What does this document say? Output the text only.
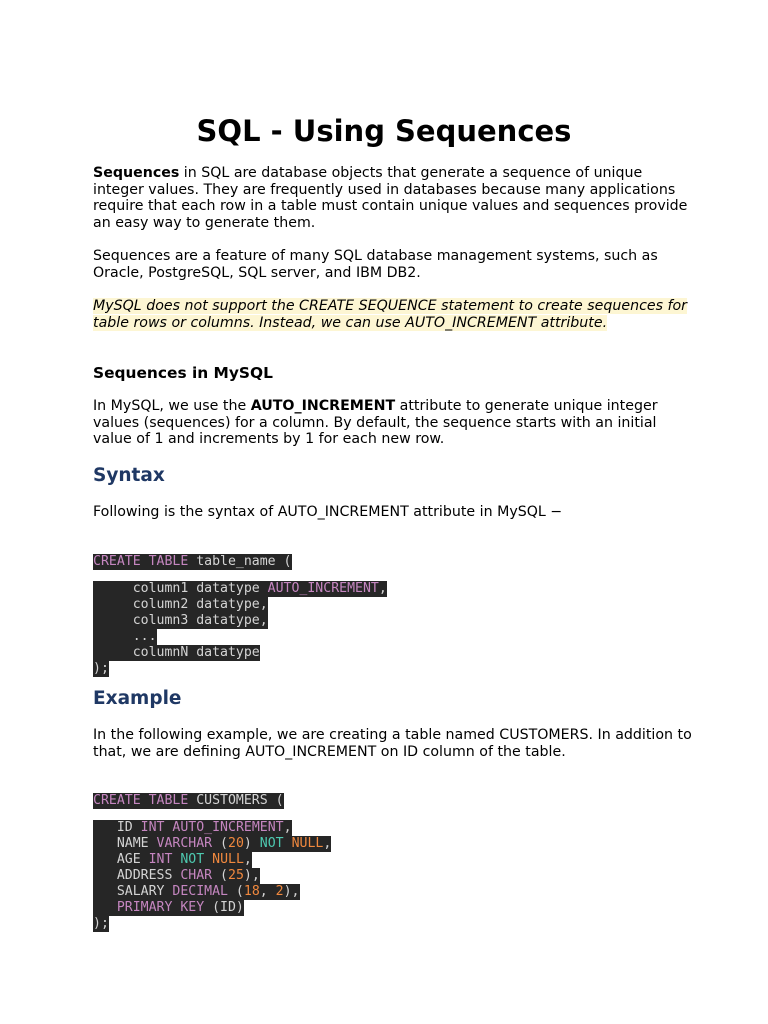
SQL - Using Sequences
Sequences in SQL are database objects that generate a sequence of unique integer values. They are frequently used in databases because many applications require that each row in a table must contain unique values and sequences provide an easy way to generate them.
Sequences are a feature of many SQL database management systems, such as Oracle, PostgreSQL, SQL server, and IBM DB2.
MySQL does not support the CREATE SEQUENCE statement to create sequences for table rows or columns. Instead, we can use AUTO_INCREMENT attribute.
Sequences in MySQL
In MySQL, we use the AUTO_INCREMENT attribute to generate unique integer values (sequences) for a column. By default, the sequence starts with an initial value of 1 and increments by 1 for each new row.
Syntax
Following is the syntax of AUTO_INCREMENT attribute in MySQL −
CREATE TABLE table_name (
column1 datatype AUTO_INCREMENT,
column2 datatype,
column3 datatype,
...
columnN datatype
);
Example
In the following example, we are creating a table named CUSTOMERS. In addition to that, we are defining AUTO_INCREMENT on ID column of the table.
CREATE TABLE CUSTOMERS (
ID INT AUTO_INCREMENT,
NAME VARCHAR (20) NOT NULL,
AGE INT NOT NULL,
ADDRESS CHAR (25),
SALARY DECIMAL (18, 2),
PRIMARY KEY (ID)
);
